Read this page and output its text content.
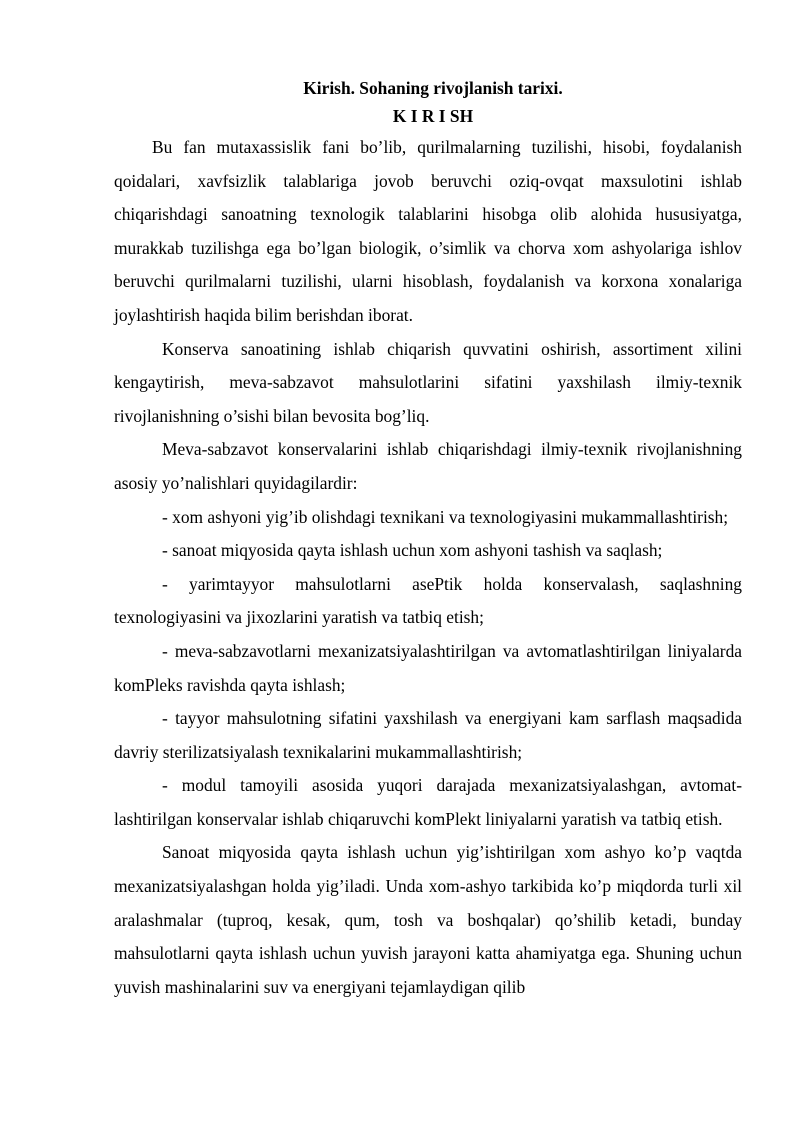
Kirish. Sohaning rivojlanish tarixi.

K I R I SH

Bu fan mutaxassislik fani bo’lib, qurilmalarning tuzilishi, hisobi, foydalanish qoidalari, xavfsizlik talablariga jovob beruvchi oziq-ovqat maxsulotini ishlab chiqarishdagi sanoatning texnologik talablarini hisobga olib alohida hususiyatga, murakkab tuzilishga ega bo’lgan biologik, o’simlik va chorva xom ashyolariga ishlov beruvchi qurilmalarni tuzilishi, ularni hisoblash, foydalanish va korxona xonalariga joylashtirish haqida bilim berishdan iborat.

Konserva sanoatining ishlab chiqarish quvvatini oshirish, assortiment xilini kengaytirish, meva-sabzavot mahsulotlarini sifatini yaxshilash ilmiy-texnik rivojlanishning o’sishi bilan bevosita bog’liq.

Meva-sabzavot konservalarini ishlab chiqarishdagi ilmiy-texnik rivojlanishning asosiy yo’nalishlari quyidagilardir:

- xom ashyoni yig’ib olishdagi texnikani va texnologiyasini mukammallashtirish;

- sanoat miqyosida qayta ishlash uchun xom ashyoni tashish va saqlash;

- yarimtayyor mahsulotlarni asePtik holda konservalash, saqlashning texnologiyasini va jixozlarini yaratish va tatbiq etish;

- meva-sabzavotlarni mexanizatsiyalashtirilgan va avtomatlashtirilgan liniyalarda komPleks ravishda qayta ishlash;

- tayyor mahsulotning sifatini yaxshilash va energiyani kam sarflash maqsadida davriy sterilizatsiyalash texnikalarini mukammallashtirish;

- modul tamoyili asosida yuqori darajada mexanizatsiyalashgan, avtomat-lashtirilgan konservalar ishlab chiqaruvchi komPlekt liniyalarni yaratish va tatbiq etish.

Sanoat miqyosida qayta ishlash uchun yig’ishtirilgan xom ashyo ko’p vaqtda mexanizatsiyalashgan holda yig’iladi. Unda xom-ashyo tarkibida ko’p miqdorda turli xil aralashmalar (tuproq, kesak, qum, tosh va boshqalar) qo’shilib ketadi, bunday mahsulotlarni qayta ishlash uchun yuvish jarayoni katta ahamiyatga ega. Shuning uchun yuvish mashinalarini suv va energiyani tejamlaydigan qilib
